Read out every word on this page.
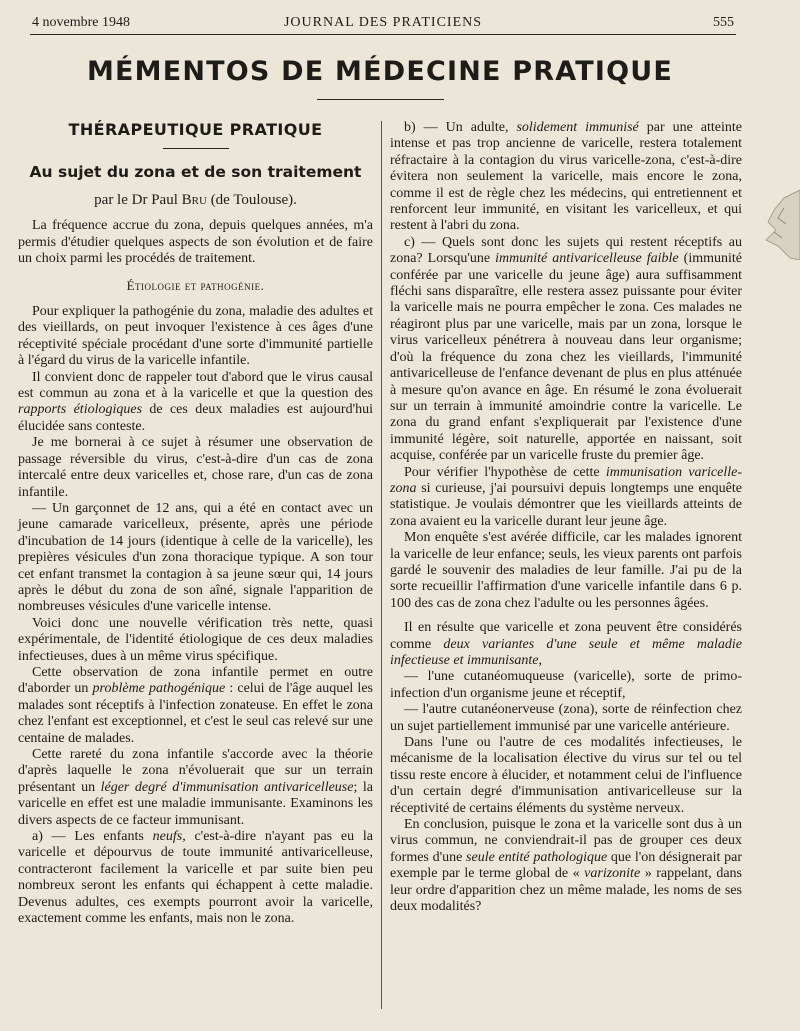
4 novembre 1948	JOURNAL DES PRATICIENS	555
MÉMENTOS DE MÉDECINE PRATIQUE
THÉRAPEUTIQUE PRATIQUE
Au sujet du zona et de son traitement
par le Dr Paul Bru (de Toulouse).

La fréquence accrue du zona, depuis quelques années, m'a permis d'étudier quelques aspects de son évolution et de faire un choix parmi les procédés de traitement.

Étiologie et pathogénie.

Pour expliquer la pathogénie du zona, maladie des adultes et des vieillards, on peut invoquer l'existence à ces âges d'une réceptivité spéciale procédant d'une sorte d'immunité partielle à l'égard du virus de la varicelle infantile.

Il convient donc de rappeler tout d'abord que le virus causal est commun au zona et à la varicelle et que la question des rapports étiologiques de ces deux maladies est aujourd'hui élucidée sans conteste.

Je me bornerai à ce sujet à résumer une observation de passage réversible du virus, c'est-à-dire d'un cas de zona intercalé entre deux varicelles et, chose rare, d'un cas de zona infantile.

— Un garçonnet de 12 ans, qui a été en contact avec un jeune camarade varicelleux, présente, après une période d'incubation de 14 jours (identique à celle de la varicelle), les prepières vésicules d'un zona thoracique typique. A son tour cet enfant transmet la contagion à sa jeune sœur qui, 14 jours après le début du zona de son aîné, signale l'apparition de nombreuses vésicules d'une varicelle intense.

Voici donc une nouvelle vérification très nette, quasi expérimentale, de l'identité étiologique de ces deux maladies infectieuses, dues à un même virus spécifique.

Cette observation de zona infantile permet en outre d'aborder un problème pathogénique : celui de l'âge auquel les malades sont réceptifs à l'infection zonateuse. En effet le zona chez l'enfant est exceptionnel, et c'est le seul cas relevé sur une centaine de malades.

Cette rareté du zona infantile s'accorde avec la théorie d'après laquelle le zona n'évoluerait que sur un terrain présentant un léger degré d'immunisation antivaricelleuse; la varicelle en effet est une maladie immunisante. Examinons les divers aspects de ce facteur immunisant.

a) — Les enfants neufs, c'est-à-dire n'ayant pas eu la varicelle et dépourvus de toute immunité antivaricelleuse, contracteront facilement la varicelle et par suite bien peu nombreux seront les enfants qui échappent à cette maladie. Devenus adultes, ces exempts pourront avoir la varicelle, exactement comme les enfants, mais non le zona.

b) — Un adulte, solidement immunisé par une atteinte intense et pas trop ancienne de varicelle, restera totalement réfractaire à la contagion du virus varicelle-zona, c'est-à-dire évitera non seulement la varicelle, mais encore le zona, comme il est de règle chez les médecins, qui entretiennent et renforcent leur immunité, en visitant les varicelleux, et qui restent à l'abri du zona.

c) — Quels sont donc les sujets qui restent réceptifs au zona? Lorsqu'une immunité antivaricelleuse faible (immunité conférée par une varicelle du jeune âge) aura suffisamment fléchi sans disparaître, elle restera assez puissante pour éviter la varicelle mais ne pourra empêcher le zona. Ces malades ne réagiront plus par une varicelle, mais par un zona, lorsque le virus varicelleux pénétrera à nouveau dans leur organisme; d'où la fréquence du zona chez les vieillards, l'immunité antivaricelleuse de l'enfance devenant de plus en plus atténuée à mesure qu'on avance en âge. En résumé le zona évoluerait sur un terrain à immunité amoindrie contre la varicelle. Le zona du grand enfant s'expliquerait par l'existence d'une immunité légère, soit naturelle, apportée en naissant, soit acquise, conférée par un varicelle fruste du premier âge.

Pour vérifier l'hypothèse de cette immunisation varicelle-zona si curieuse, j'ai poursuivi depuis longtemps une enquête statistique. Je voulais démontrer que les vieillards atteints de zona avaient eu la varicelle durant leur jeune âge.

Mon enquête s'est avérée difficile, car les malades ignorent la varicelle de leur enfance; seuls, les vieux parents ont parfois gardé le souvenir des maladies de leur famille. J'ai pu de la sorte recueillir l'affirmation d'une varicelle infantile dans 6 p. 100 des cas de zona chez l'adulte ou les personnes âgées.

Il en résulte que varicelle et zona peuvent être considérés comme deux variantes d'une seule et même maladie infectieuse et immunisante,

— l'une cutanéomuqueuse (varicelle), sorte de primo-infection d'un organisme jeune et réceptif,

— l'autre cutanéonerveuse (zona), sorte de réinfection chez un sujet partiellement immunisé par une varicelle antérieure.

Dans l'une ou l'autre de ces modalités infectieuses, le mécanisme de la localisation élective du virus sur tel ou tel tissu reste encore à élucider, et notamment celui de l'influence d'un certain degré d'immunisation antivaricelleuse sur la réceptivité de certains éléments du système nerveux.

En conclusion, puisque le zona et la varicelle sont dus à un virus commun, ne conviendrait-il pas de grouper ces deux formes d'une seule entité pathologique que l'on désignerait par exemple par le terme global de « varizonite » rappelant, dans leur ordre d'apparition chez un même malade, les noms de ses deux modalités?
